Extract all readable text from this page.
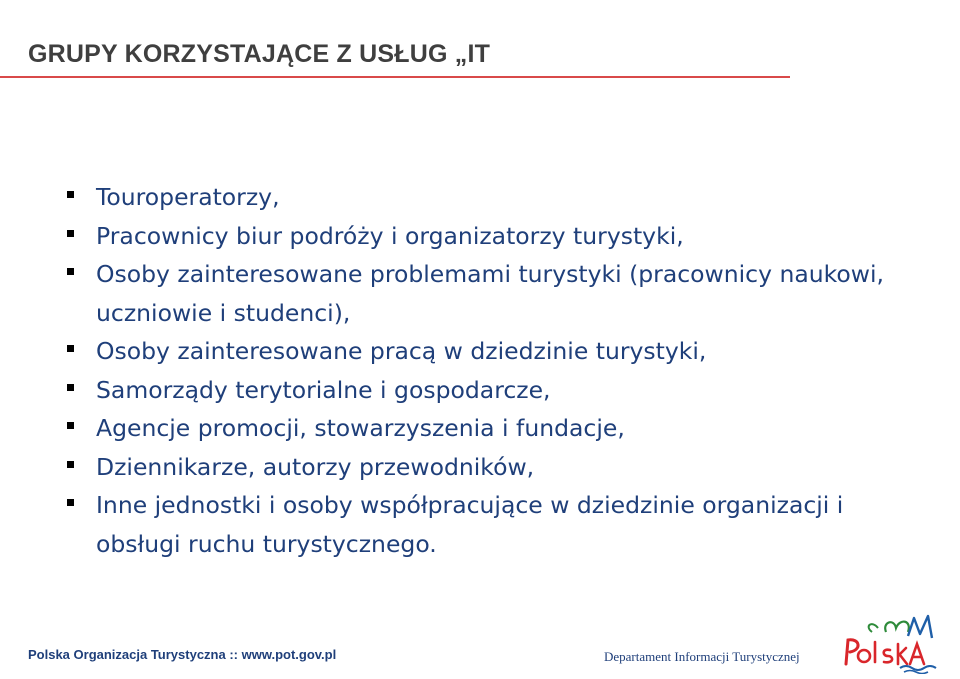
GRUPY KORZYSTAJĄCE Z USŁUG „IT
Touroperatorzy,
Pracownicy biur podróży i organizatorzy turystyki,
Osoby zainteresowane problemami turystyki (pracownicy naukowi, uczniowie i studenci),
Osoby zainteresowane pracą w dziedzinie turystyki,
Samorządy terytorialne i gospodarcze,
Agencje promocji, stowarzyszenia i fundacje,
Dziennikarze, autorzy przewodników,
Inne jednostki i osoby współpracujące w dziedzinie organizacji i obsługi ruchu turystycznego.
Polska Organizacja Turystyczna :: www.pot.gov.pl	Departament Informacji Turystycznej
